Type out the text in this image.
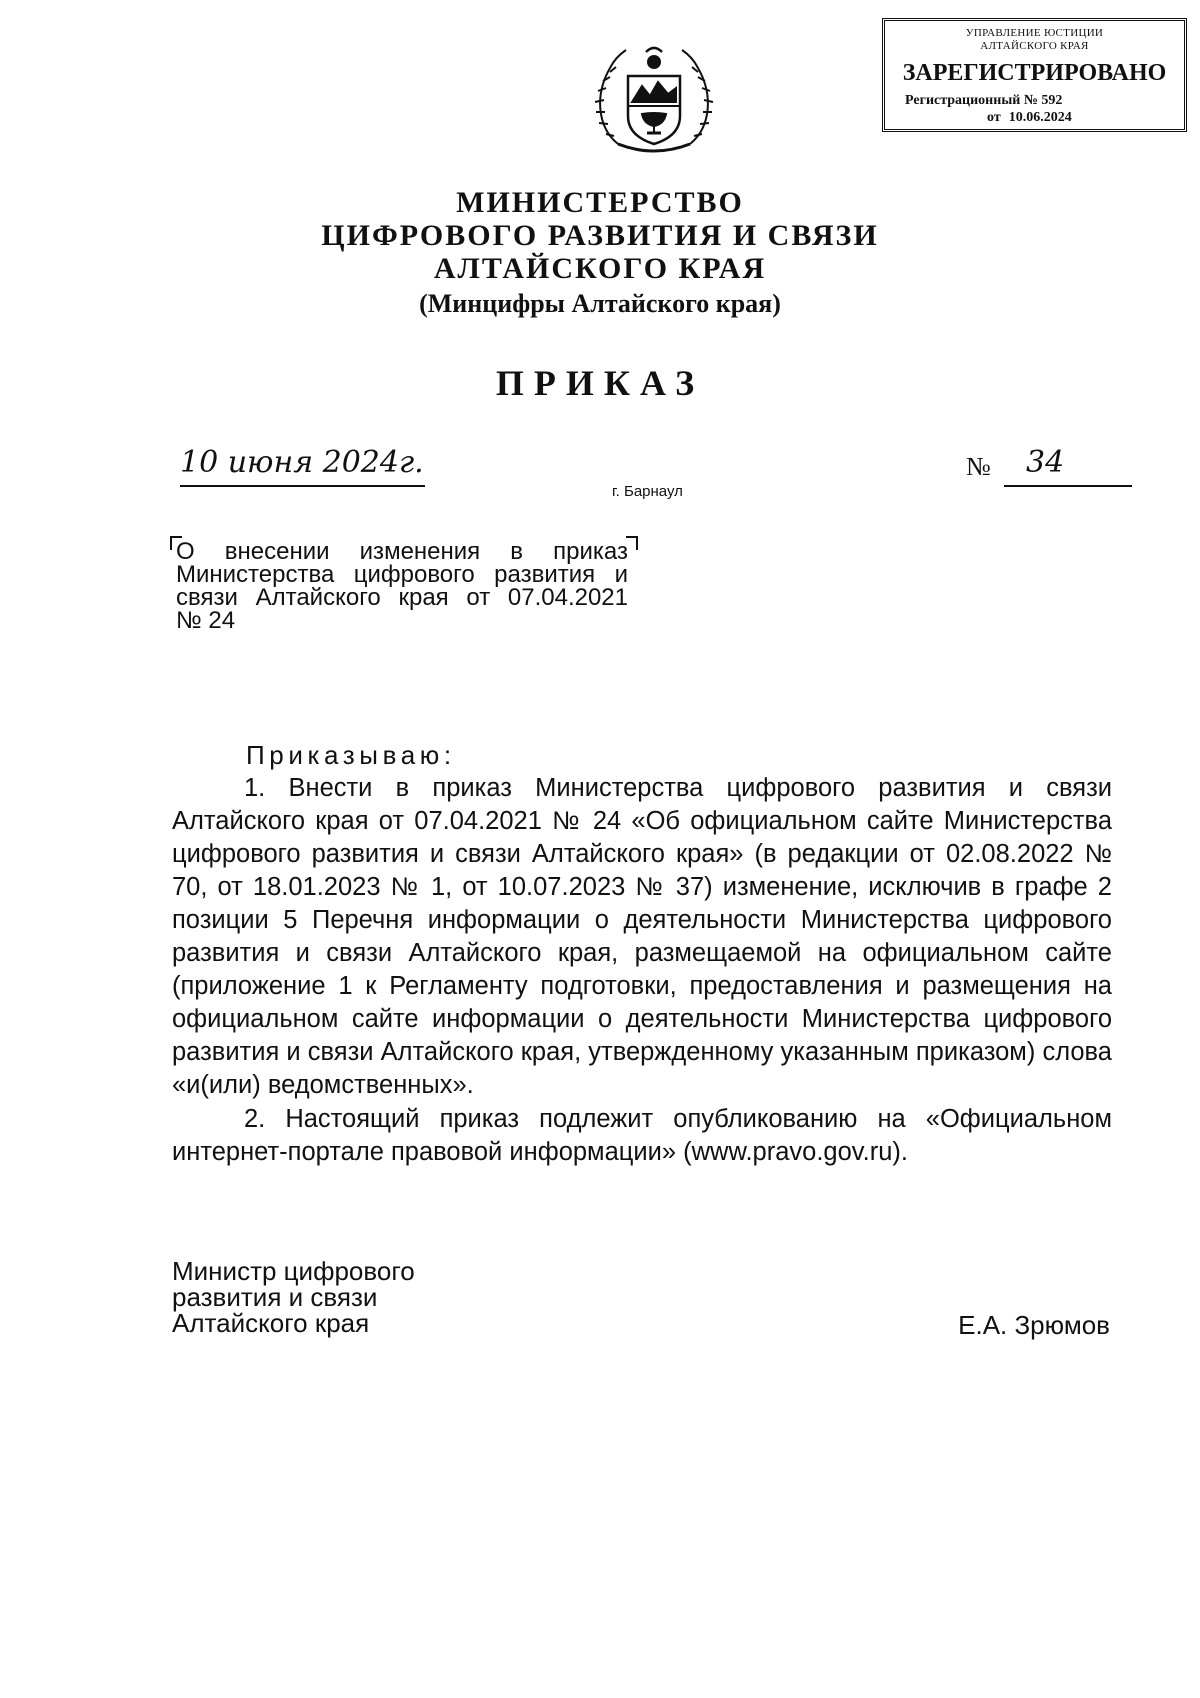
УПРАВЛЕНИЕ ЮСТИЦИИ
АЛТАЙСКОГО КРАЯ
ЗАРЕГИСТРИРОВАНО
Регистрационный № 592
от 10.06.2024
МИНИСТЕРСТВО
ЦИФРОВОГО РАЗВИТИЯ И СВЯЗИ
АЛТАЙСКОГО КРАЯ
(Минцифры Алтайского края)
ПРИКАЗ
10 июня 2024г.	№	34
г. Барнаул
О внесении изменения в приказ
Министерства цифрового развития и
связи Алтайского края от 07.04.2021
№ 24
Приказываю:

1. Внести в приказ Министерства цифрового развития и связи Алтайского края от 07.04.2021 № 24 «Об официальном сайте Министерства цифрового развития и связи Алтайского края» (в редакции от 02.08.2022 № 70, от 18.01.2023 № 1, от 10.07.2023 № 37) изменение, исключив в графе 2 позиции 5 Перечня информации о деятельности Министерства цифрового развития и связи Алтайского края, размещаемой на официальном сайте (приложение 1 к Регламенту подготовки, предоставления и размещения на официальном сайте информации о деятельности Министерства цифрового развития и связи Алтайского края, утвержденному указанным приказом) слова «и(или) ведомственных».

2. Настоящий приказ подлежит опубликованию на «Официальном интернет-портале правовой информации» (www.pravo.gov.ru).

Министр цифрового
развития и связи
Алтайского края	Е.А. Зрюмов
